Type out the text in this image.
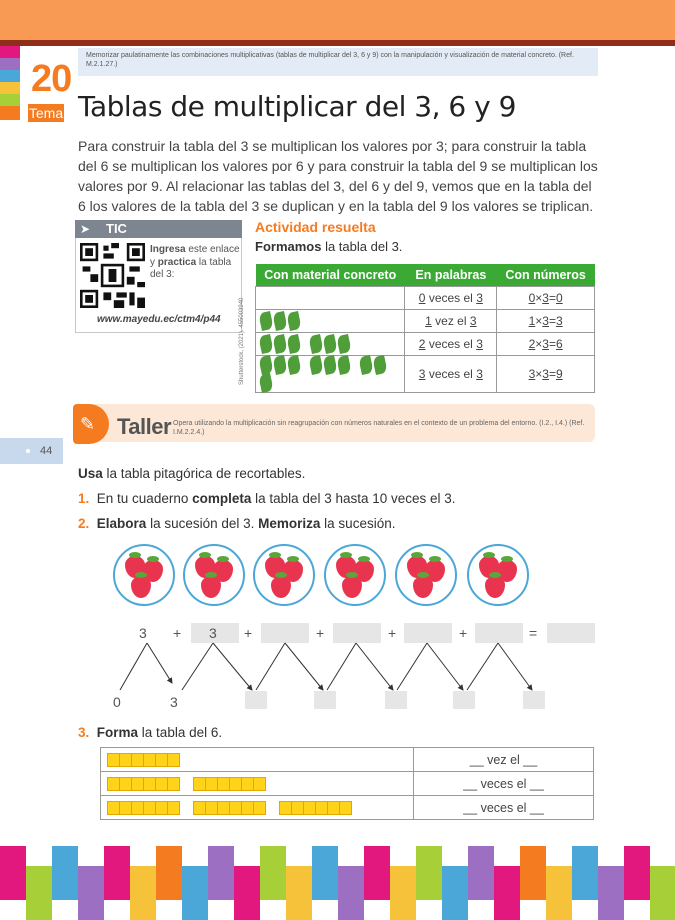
20
Tema
Memorizar paulatinamente las combinaciones multiplicativas (tablas de multiplicar del 3, 6 y 9) con la manipulación y visualización de material concreto. (Ref. M.2.1.27.)
Tablas de multiplicar del 3, 6 y 9
Para construir la tabla del 3 se multiplican los valores por 3; para construir la tabla del 6 se multiplican los valores por 6 y para construir la tabla del 9 se multiplican los valores por 9. Al relacionar las tablas del 3, del 6 y del 9, vemos que en la tabla del 6 los valores de la tabla del 3 se duplican y en la tabla del 9 los valores se triplican.
➤ TIC
Ingresa este enlace y practica la tabla del 3:
www.mayedu.ec/ctm4/p44	Shutterstock, (2021). 455003940
Actividad resuelta
Formamos la tabla del 3.
Con material concreto	En palabras	Con números
	0 veces el 3	0×3=0
	1 vez el 3	1×3=3
	2 veces el 3	2×3=6
	3 veces el 3	3×3=9
✎ Taller Opera utilizando la multiplicación sin reagrupación con números naturales en el contexto de un problema del entorno. (I.2., I.4.) (Ref. I.M.2.2.4.)
44
Usa la tabla pitagórica de recortables.
1. En tu cuaderno completa la tabla del 3 hasta 10 veces el 3.
2. Elabora la sucesión del 3. Memoriza la sucesión.
3 + 3 +	+	+	+	=
0	3
3. Forma la tabla del 6.
	__ vez el __
	__ veces el __
	__ veces el __
